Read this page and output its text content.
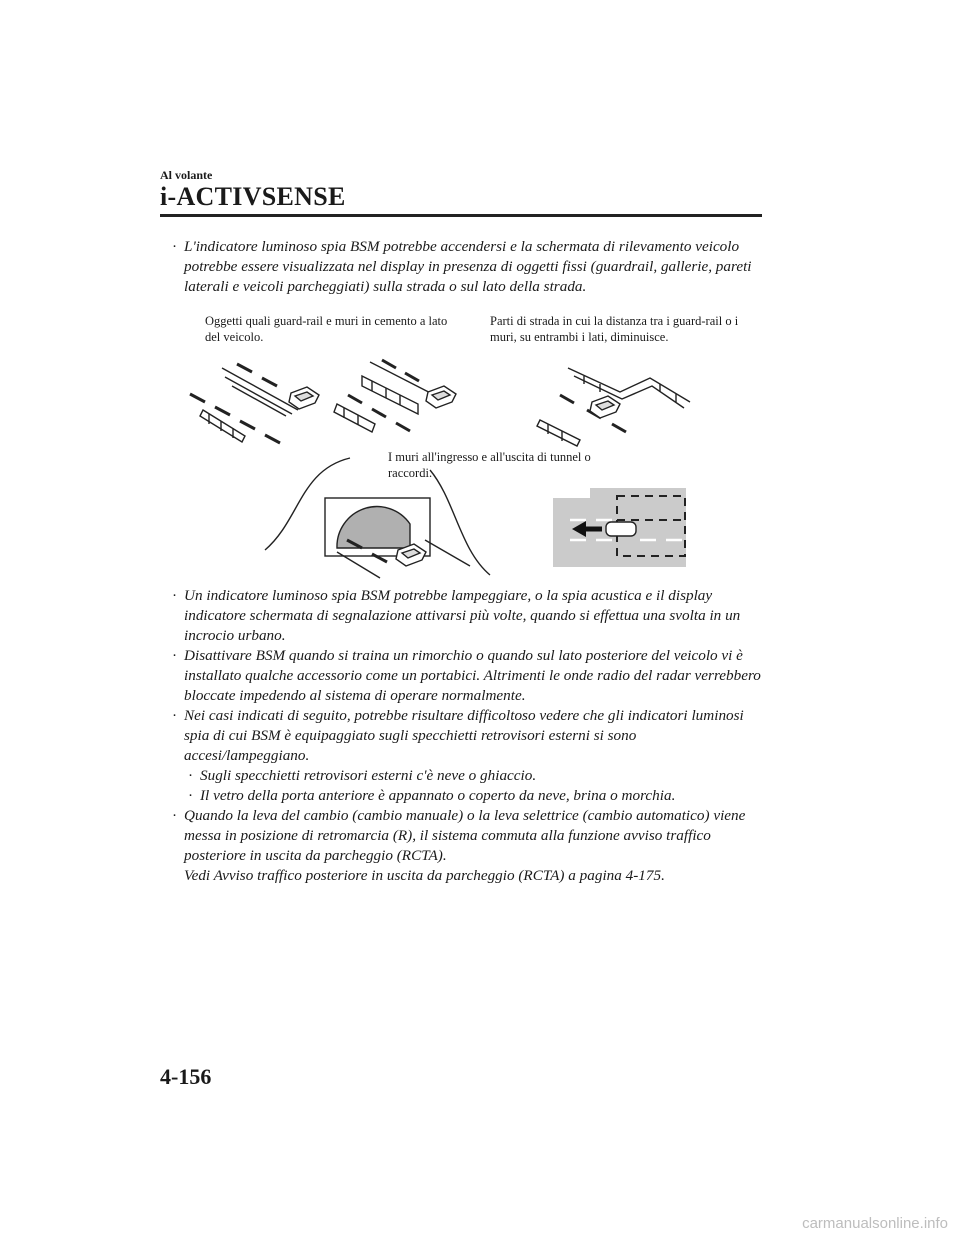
Al volante
i-ACTIVSENSE

· L'indicatore luminoso spia BSM potrebbe accendersi e la schermata di rilevamento veicolo potrebbe essere visualizzata nel display in presenza di oggetti fissi (guardrail, gallerie, pareti laterali e veicoli parcheggiati) sulla strada o sul lato della strada.

Oggetti quali guard-rail e muri in cemento a lato del veicolo.

Parti di strada in cui la distanza tra i guard-rail o i muri, su entrambi i lati, diminuisce.

I muri all'ingresso e all'uscita di tunnel o raccordi.

· Un indicatore luminoso spia BSM potrebbe lampeggiare, o la spia acustica e il display indicatore schermata di segnalazione attivarsi più volte, quando si effettua una svolta in un incrocio urbano.

· Disattivare BSM quando si traina un rimorchio o quando sul lato posteriore del veicolo vi è installato qualche accessorio come un portabici. Altrimenti le onde radio del radar verrebbero bloccate impedendo al sistema di operare normalmente.

· Nei casi indicati di seguito, potrebbe risultare difficoltoso vedere che gli indicatori luminosi spia di cui BSM è equipaggiato sugli specchietti retrovisori esterni si sono accesi/lampeggiano.

· Sugli specchietti retrovisori esterni c'è neve o ghiaccio.

· Il vetro della porta anteriore è appannato o coperto da neve, brina o morchia.

· Quando la leva del cambio (cambio manuale) o la leva selettrice (cambio automatico) viene messa in posizione di retromarcia (R), il sistema commuta alla funzione avviso traffico posteriore in uscita da parcheggio (RCTA).

Vedi Avviso traffico posteriore in uscita da parcheggio (RCTA) a pagina 4-175.

4-156
carmanualsonline.info
